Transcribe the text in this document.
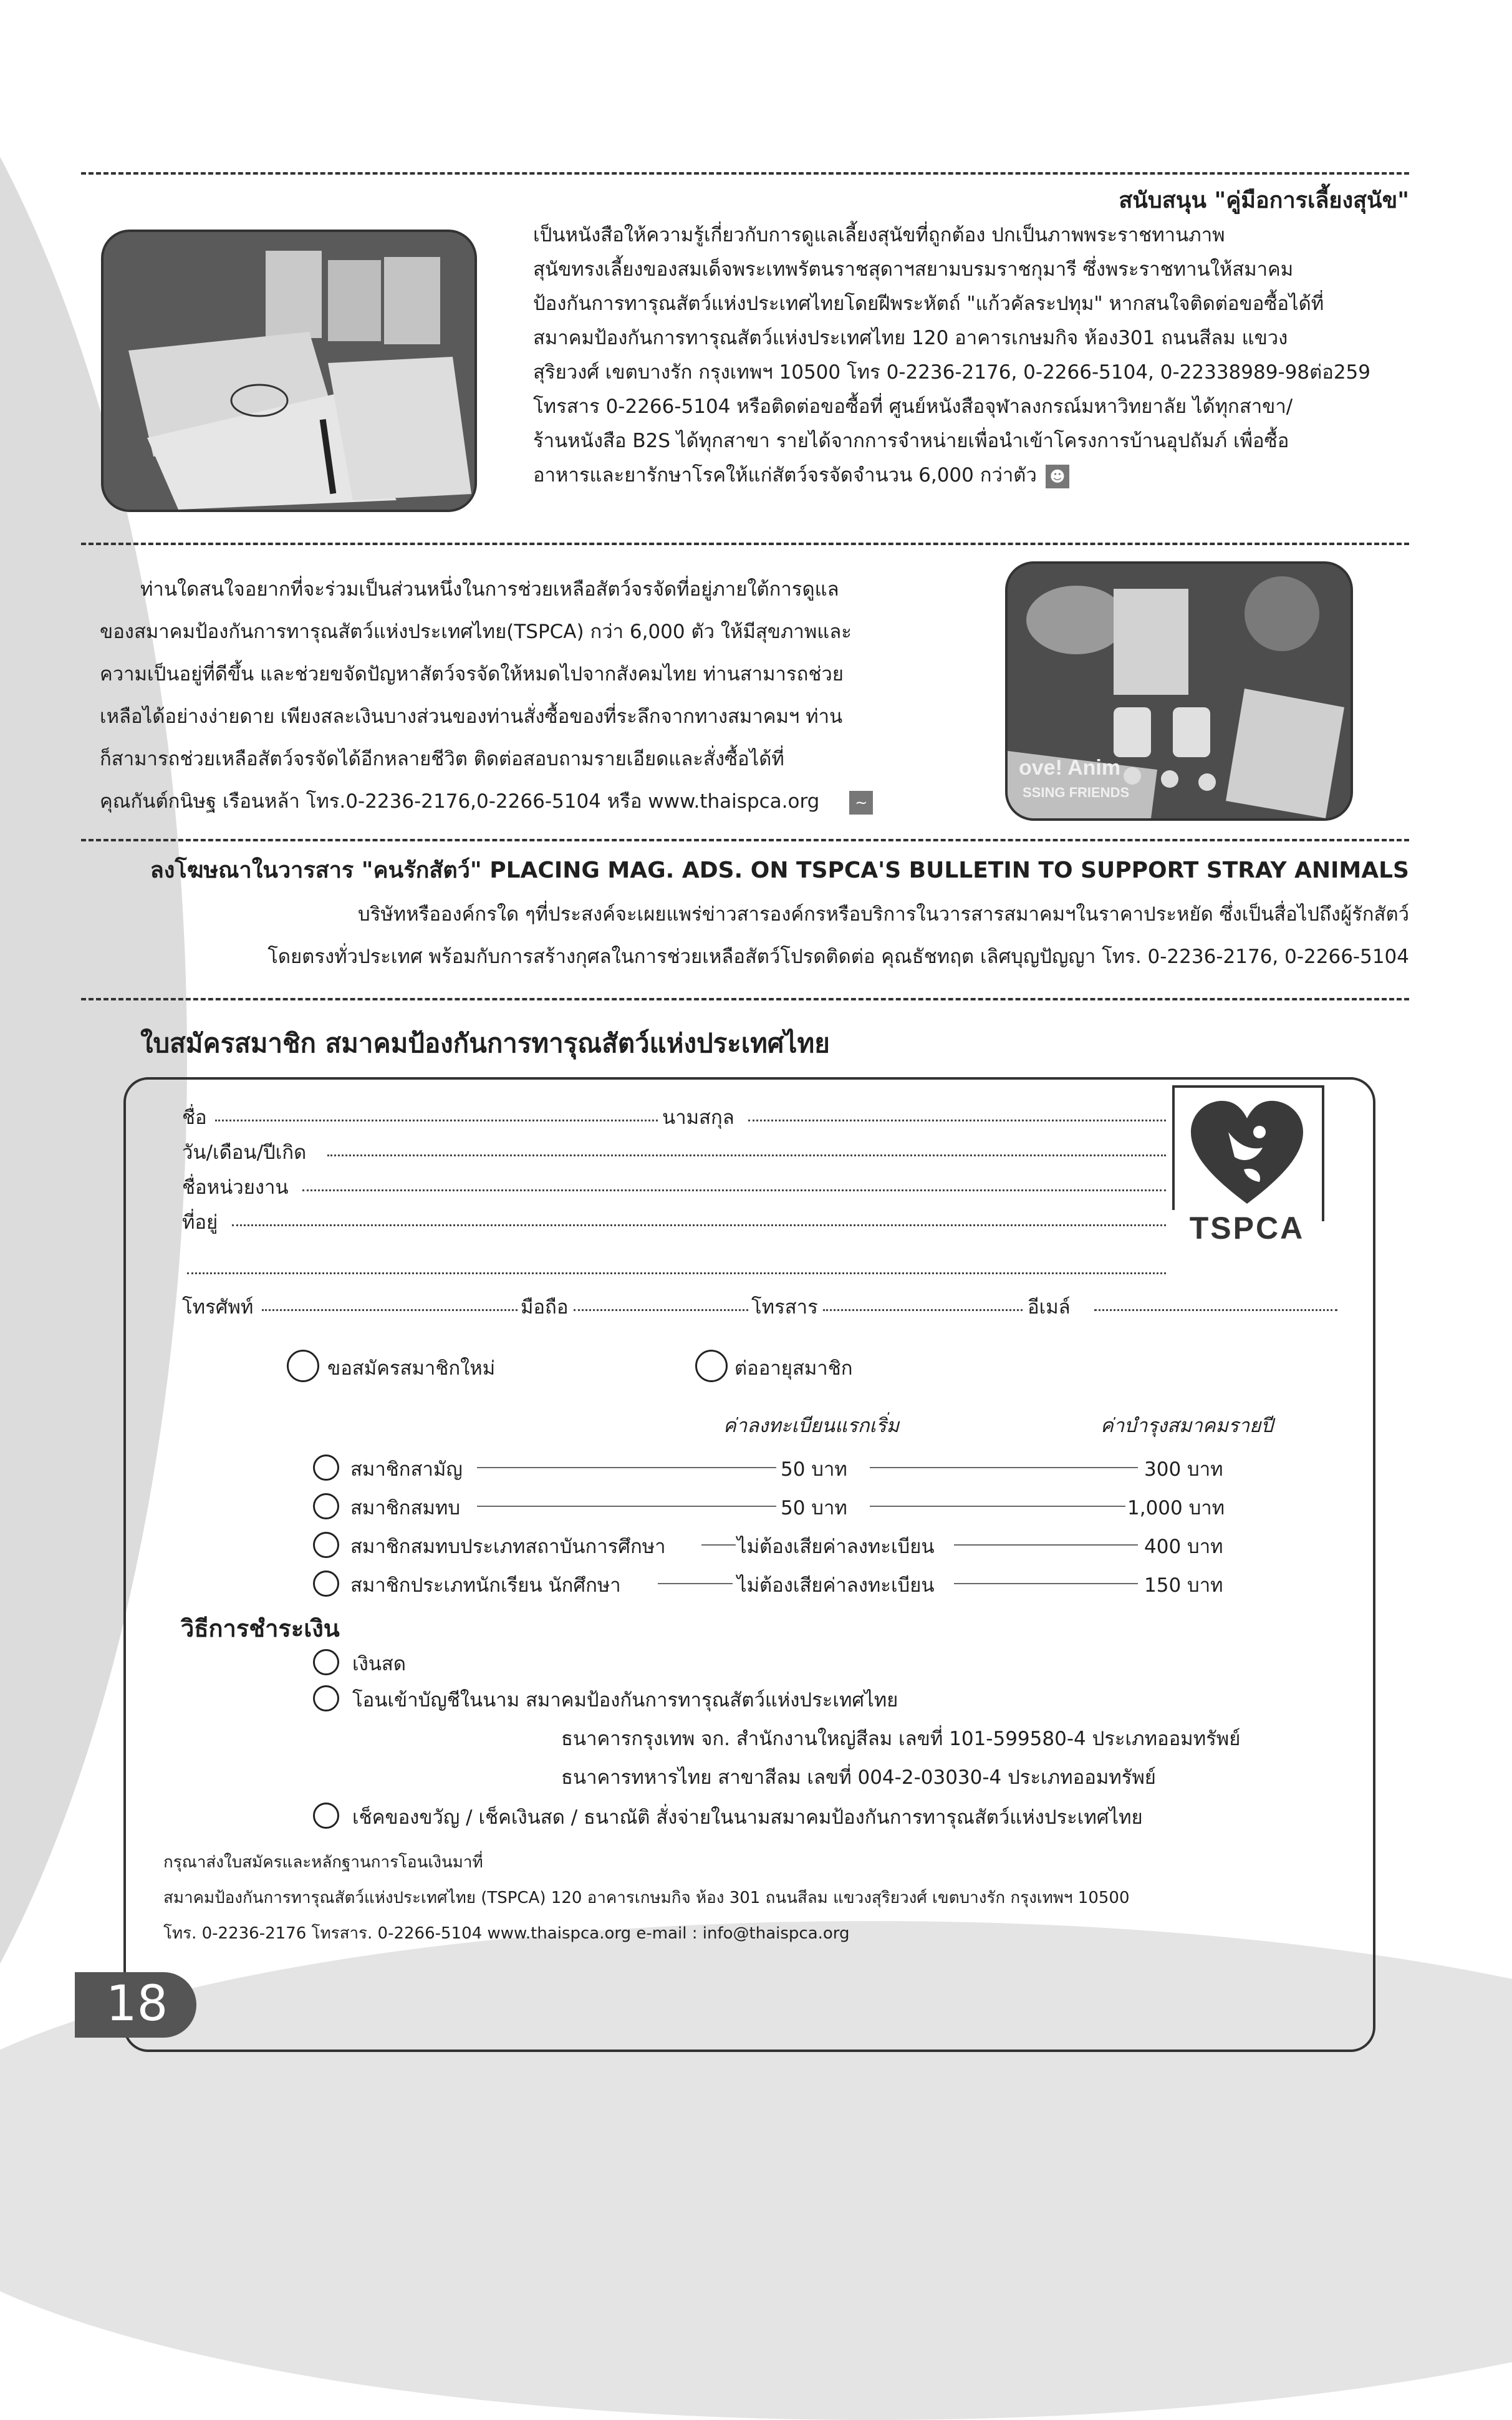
สนับสนุน "คู่มือการเลี้ยงสุนัข"
เป็นหนังสือให้ความรู้เกี่ยวกับการดูแลเลี้ยงสุนัขที่ถูกต้อง ปกเป็นภาพพระราชทานภาพ
สุนัขทรงเลี้ยงของสมเด็จพระเทพรัตนราชสุดาฯสยามบรมราชกุมารี ซึ่งพระราชทานให้สมาคม
ป้องกันการทารุณสัตว์แห่งประเทศไทยโดยฝีพระหัตถ์ "แก้วคัลระปทุม" หากสนใจติดต่อขอซื้อได้ที่
สมาคมป้องกันการทารุณสัตว์แห่งประเทศไทย 120 อาคารเกษมกิจ ห้อง301 ถนนสีลม แขวง
สุริยวงศ์ เขตบางรัก กรุงเทพฯ 10500 โทร 0-2236-2176, 0-2266-5104, 0-22338989-98ต่อ259
โทรสาร 0-2266-5104 หรือติดต่อขอซื้อที่ ศูนย์หนังสือจุฬาลงกรณ์มหาวิทยาลัย ได้ทุกสาขา/
ร้านหนังสือ B2S ได้ทุกสาขา รายได้จากการจำหน่ายเพื่อนำเข้าโครงการบ้านอุปถัมภ์ เพื่อซื้อ
อาหารและยารักษาโรคให้แก่สัตว์จรจัดจำนวน 6,000 กว่าตัว ☻
ท่านใดสนใจอยากที่จะร่วมเป็นส่วนหนึ่งในการช่วยเหลือสัตว์จรจัดที่อยู่ภายใต้การดูแล
ของสมาคมป้องกันการทารุณสัตว์แห่งประเทศไทย(TSPCA) กว่า 6,000 ตัว ให้มีสุขภาพและ
ความเป็นอยู่ที่ดีขึ้น และช่วยขจัดปัญหาสัตว์จรจัดให้หมดไปจากสังคมไทย ท่านสามารถช่วย
เหลือได้อย่างง่ายดาย เพียงสละเงินบางส่วนของท่านสั่งซื้อของที่ระลึกจากทางสมาคมฯ ท่าน
ก็สามารถช่วยเหลือสัตว์จรจัดได้อีกหลายชีวิต ติดต่อสอบถามรายเอียดและสั่งซื้อได้ที่
คุณกันต์กนิษฐ เรือนหล้า โทร.0-2236-2176,0-2266-5104 หรือ www.thaispca.org ~
ove! Anim
SSING FRIENDS
ลงโฆษณาในวารสาร "คนรักสัตว์" PLACING MAG. ADS. ON TSPCA'S BULLETIN TO SUPPORT STRAY ANIMALS
บริษัทหรือองค์กรใด ๆที่ประสงค์จะเผยแพร่ข่าวสารองค์กรหรือบริการในวารสารสมาคมฯในราคาประหยัด ซึ่งเป็นสื่อไปถึงผู้รักสัตว์
โดยตรงทั่วประเทศ พร้อมกับการสร้างกุศลในการช่วยเหลือสัตว์โปรดติดต่อ คุณธัชทฤต เลิศบุญปัญญา โทร. 0-2236-2176, 0-2266-5104
ใบสมัครสมาชิก สมาคมป้องกันการทารุณสัตว์แห่งประเทศไทย
TSPCA
ชื่อ	นามสกุล
วัน/เดือน/ปีเกิด
ชื่อหน่วยงาน
ที่อยู่
โทรศัพท์	มือถือ	โทรสาร	อีเมล์
ขอสมัครสมาชิกใหม่	ต่ออายุสมาชิก
ค่าลงทะเบียนแรกเริ่ม	ค่าบำรุงสมาคมรายปี
สมาชิกสามัญ	50 บาท	300 บาท
สมาชิกสมทบ	50 บาท	1,000 บาท
สมาชิกสมทบประเภทสถาบันการศึกษา	ไม่ต้องเสียค่าลงทะเบียน	400 บาท
สมาชิกประเภทนักเรียน นักศึกษา	ไม่ต้องเสียค่าลงทะเบียน	150 บาท
วิธีการชำระเงิน
เงินสด
โอนเข้าบัญชีในนาม สมาคมป้องกันการทารุณสัตว์แห่งประเทศไทย
ธนาคารกรุงเทพ จก. สำนักงานใหญ่สีลม เลขที่ 101-599580-4 ประเภทออมทรัพย์
ธนาคารทหารไทย สาขาสีลม เลขที่ 004-2-03030-4 ประเภทออมทรัพย์
เช็คของขวัญ / เช็คเงินสด / ธนาณัติ สั่งจ่ายในนามสมาคมป้องกันการทารุณสัตว์แห่งประเทศไทย
กรุณาส่งใบสมัครและหลักฐานการโอนเงินมาที่
สมาคมป้องกันการทารุณสัตว์แห่งประเทศไทย (TSPCA) 120 อาคารเกษมกิจ ห้อง 301 ถนนสีลม แขวงสุริยวงศ์ เขตบางรัก กรุงเทพฯ 10500
โทร. 0-2236-2176 โทรสาร. 0-2266-5104 www.thaispca.org e-mail : info@thaispca.org
18
